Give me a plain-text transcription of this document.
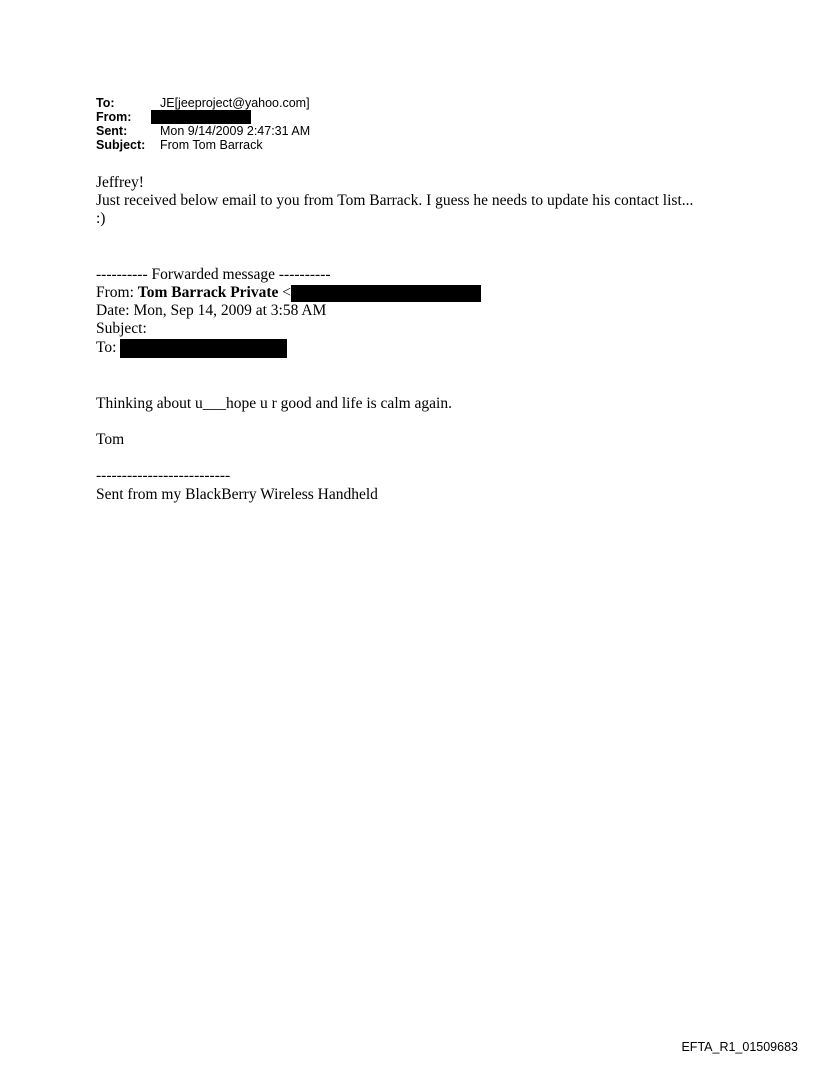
To:	JE[jeeproject@yahoo.com]
From:
Sent:	Mon 9/14/2009 2:47:31 AM
Subject:	From Tom Barrack
Jeffrey!
Just received below email to you from Tom Barrack. I guess he needs to update his contact list...
:)
---------- Forwarded message ----------
From: Tom Barrack Private <
Date: Mon, Sep 14, 2009 at 3:58 AM
Subject:
To:
Thinking about u___hope u r good and life is calm again.
Tom
--------------------------
Sent from my BlackBerry Wireless Handheld
EFTA_R1_01509683
